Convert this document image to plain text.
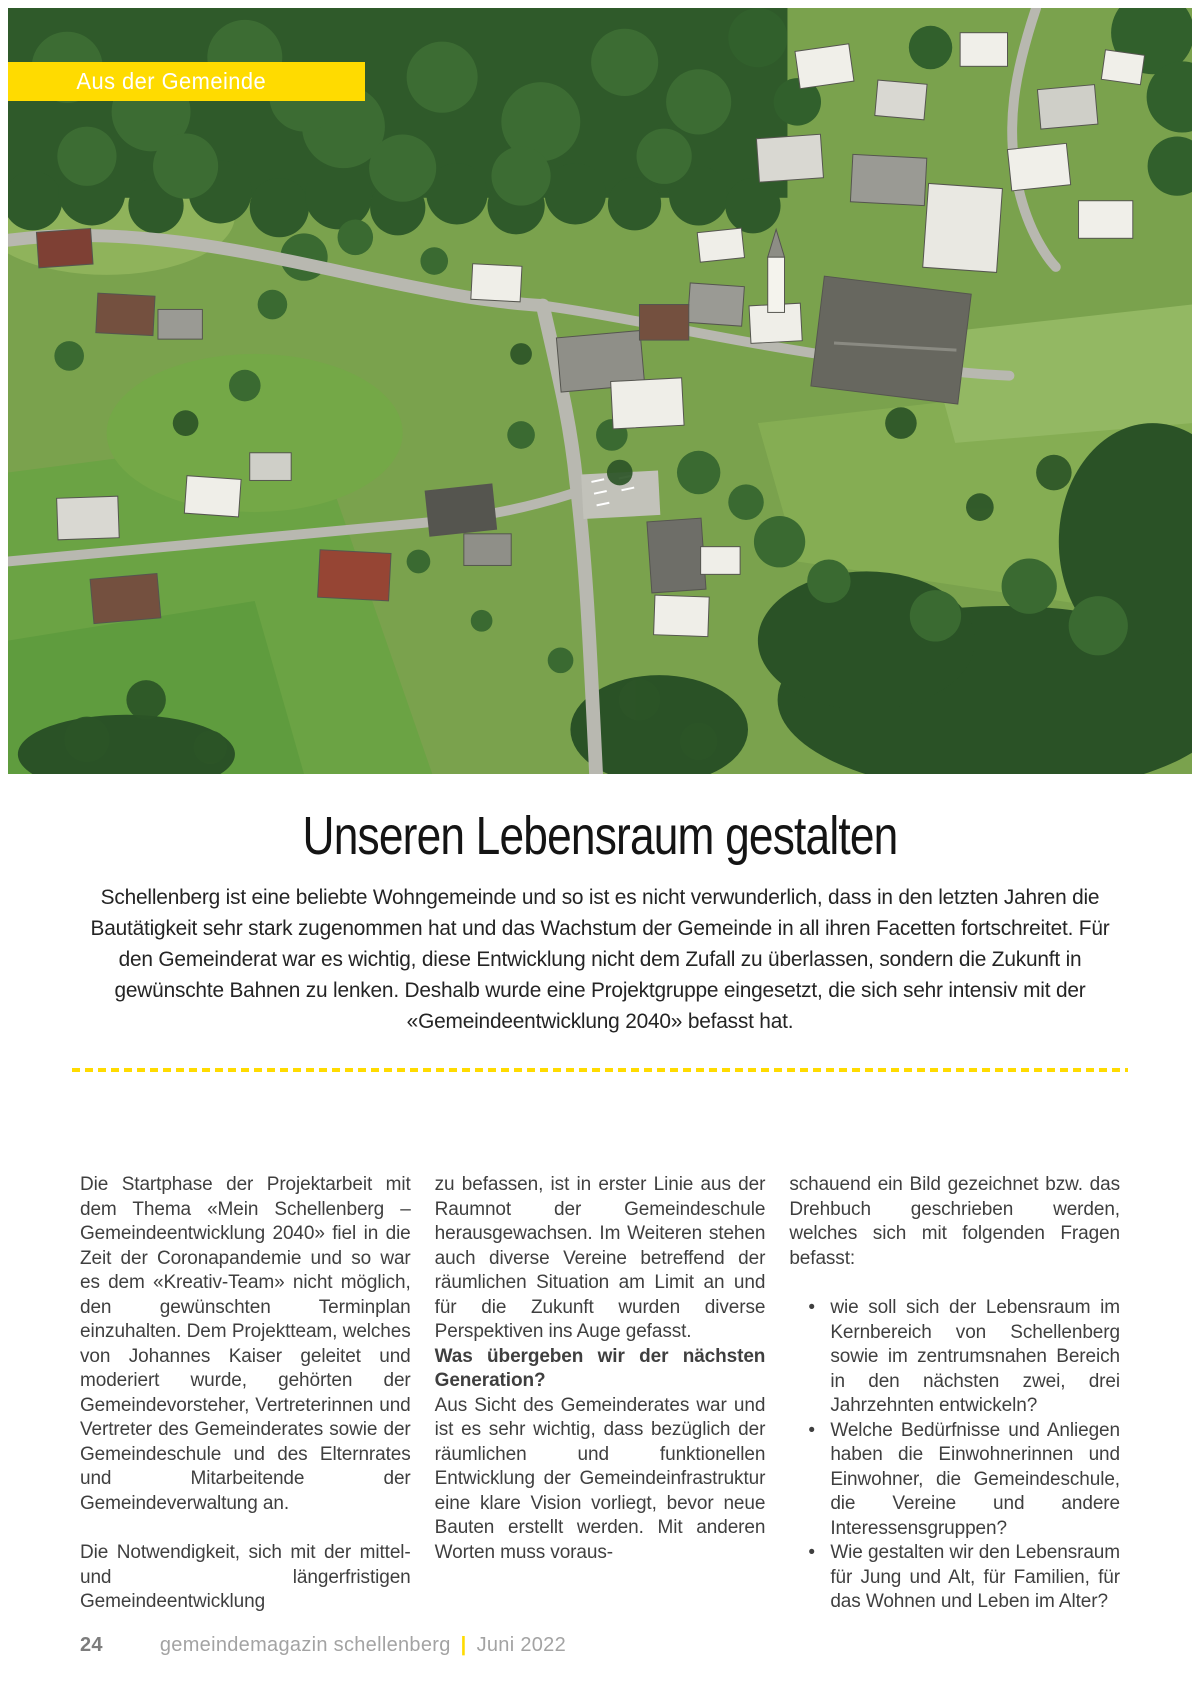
Aus der Gemeinde
Unseren Lebensraum gestalten

Schellenberg ist eine beliebte Wohngemeinde und so ist es nicht verwunderlich, dass in den letzten Jahren die Bautätigkeit sehr stark zugenommen hat und das Wachstum der Gemeinde in all ihren Facetten fortschreitet. Für den Gemeinderat war es wichtig, diese Entwicklung nicht dem Zufall zu überlassen, sondern die Zukunft in gewünschte Bahnen zu lenken. Deshalb wurde eine Projektgruppe eingesetzt, die sich sehr intensiv mit der «Gemeindeentwicklung 2040» befasst hat.

Die Startphase der Projektarbeit mit dem Thema «Mein Schellenberg – Gemeindeentwicklung 2040» fiel in die Zeit der Coronapandemie und so war es dem «Kreativ-Team» nicht möglich, den gewünschten Terminplan einzuhalten. Dem Projektteam, welches von Johannes Kaiser geleitet und moderiert wurde, gehörten der Gemeindevorsteher, Vertreterinnen und Vertreter des Gemeinderates sowie der Gemeindeschule und des Elternrates und Mitarbeitende der Gemeindeverwaltung an.

Die Notwendigkeit, sich mit der mittel- und längerfristigen Gemeindeentwicklung

zu befassen, ist in erster Linie aus der Raumnot der Gemeindeschule herausgewachsen. Im Weiteren stehen auch diverse Vereine betreffend der räumlichen Situation am Limit an und für die Zukunft wurden diverse Perspektiven ins Auge gefasst.

Was übergeben wir der nächsten Generation?

Aus Sicht des Gemeinderates war und ist es sehr wichtig, dass bezüglich der räumlichen und funktionellen Entwicklung der Gemeindeinfrastruktur eine klare Vision vorliegt, bevor neue Bauten erstellt werden. Mit anderen Worten muss voraus-

schauend ein Bild gezeichnet bzw. das Drehbuch geschrieben werden, welches sich mit folgenden Fragen befasst:

• wie soll sich der Lebensraum im Kernbereich von Schellenberg sowie im zentrumsnahen Bereich in den nächsten zwei, drei Jahrzehnten entwickeln?
• Welche Bedürfnisse und Anliegen haben die Einwohnerinnen und Einwohner, die Gemeindeschule, die Vereine und andere Interessensgruppen?
• Wie gestalten wir den Lebensraum für Jung und Alt, für Familien, für das Wohnen und Leben im Alter?
24	gemeindemagazin schellenberg | Juni 2022
